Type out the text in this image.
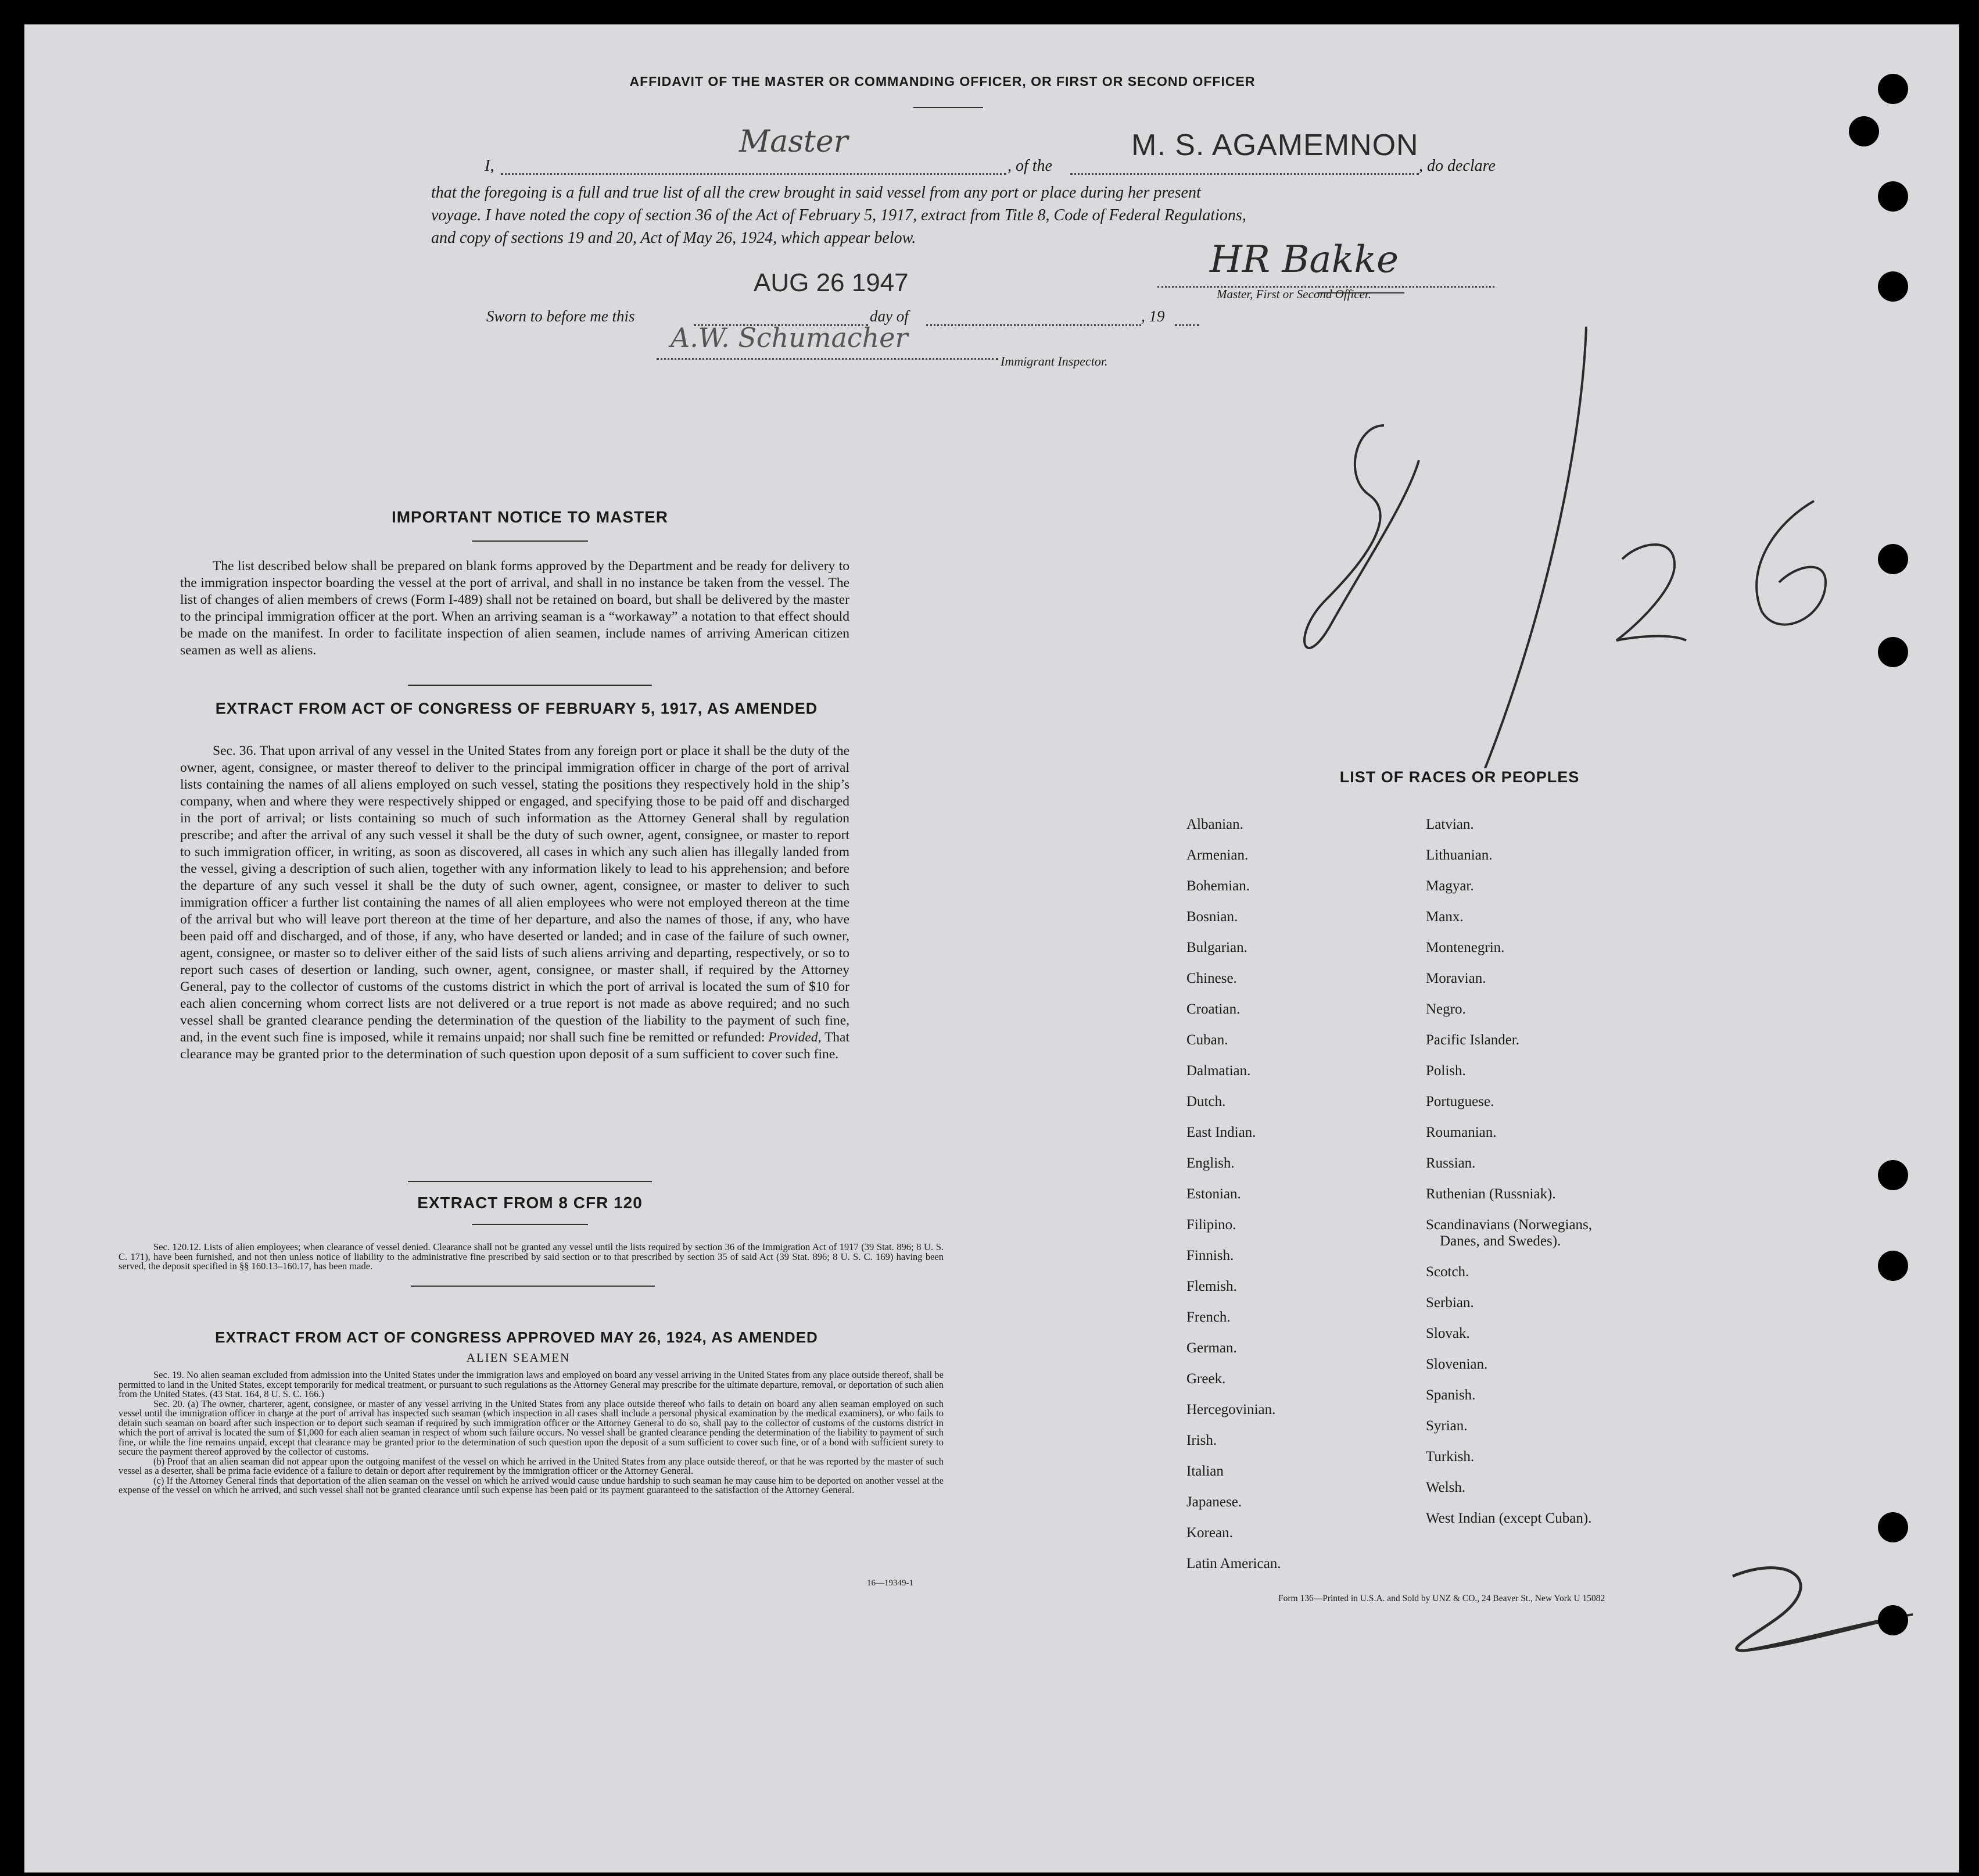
AFFIDAVIT OF THE MASTER OR COMMANDING OFFICER, OR FIRST OR SECOND OFFICER
I,
Master
, of the
M. S. AGAMEMNON
, do declare
that the foregoing is a full and true list of all the crew brought in said vessel from any port or place during her present
voyage. I have noted the copy of section 36 of the Act of February 5, 1917, extract from Title 8, Code of Federal Regulations,
and copy of sections 19 and 20, Act of May 26, 1924, which appear below.
AUG 26 1947
HR Bakke
Master, First or Second Officer.
Sworn to before me this	day of	, 19
A.W. Schumacher
Immigrant Inspector.
IMPORTANT NOTICE TO MASTER
The list described below shall be prepared on blank forms approved by the Department and be ready for delivery to the immigration inspector boarding the vessel at the port of arrival, and shall in no instance be taken from the vessel. The list of changes of alien members of crews (Form I-489) shall not be retained on board, but shall be delivered by the master to the principal immigration officer at the port. When an arriving seaman is a “workaway” a notation to that effect should be made on the manifest. In order to facilitate inspection of alien seamen, include names of arriving American citizen seamen as well as aliens.
EXTRACT FROM ACT OF CONGRESS OF FEBRUARY 5, 1917, AS AMENDED
Sec. 36. That upon arrival of any vessel in the United States from any foreign port or place it shall be the duty of the owner, agent, consignee, or master thereof to deliver to the principal immigration officer in charge of the port of arrival lists containing the names of all aliens employed on such vessel, stating the positions they respectively hold in the ship’s company, when and where they were respectively shipped or engaged, and specifying those to be paid off and discharged in the port of arrival; or lists containing so much of such information as the Attorney General shall by regulation prescribe; and after the arrival of any such vessel it shall be the duty of such owner, agent, consignee, or master to report to such immigration officer, in writing, as soon as discovered, all cases in which any such alien has illegally landed from the vessel, giving a description of such alien, together with any information likely to lead to his apprehension; and before the departure of any such vessel it shall be the duty of such owner, agent, consignee, or master to deliver to such immigration officer a further list containing the names of all alien employees who were not employed thereon at the time of the arrival but who will leave port thereon at the time of her departure, and also the names of those, if any, who have been paid off and discharged, and of those, if any, who have deserted or landed; and in case of the failure of such owner, agent, consignee, or master so to deliver either of the said lists of such aliens arriving and departing, respectively, or so to report such cases of desertion or landing, such owner, agent, consignee, or master shall, if required by the Attorney General, pay to the collector of customs of the customs district in which the port of arrival is located the sum of $10 for each alien concerning whom correct lists are not delivered or a true report is not made as above required; and no such vessel shall be granted clearance pending the determination of the question of the liability to the payment of such fine, and, in the event such fine is imposed, while it remains unpaid; nor shall such fine be remitted or refunded: Provided, That clearance may be granted prior to the determination of such question upon deposit of a sum sufficient to cover such fine.
EXTRACT FROM 8 CFR 120
Sec. 120.12. Lists of alien employees; when clearance of vessel denied. Clearance shall not be granted any vessel until the lists required by section 36 of the Immigration Act of 1917 (39 Stat. 896; 8 U. S. C. 171), have been furnished, and not then unless notice of liability to the administrative fine prescribed by said section or to that prescribed by section 35 of said Act (39 Stat. 896; 8 U. S. C. 169) having been served, the deposit specified in §§ 160.13–160.17, has been made.
EXTRACT FROM ACT OF CONGRESS APPROVED MAY 26, 1924, AS AMENDED
ALIEN SEAMEN
Sec. 19. No alien seaman excluded from admission into the United States under the immigration laws and employed on board any vessel arriving in the United States from any place outside thereof, shall be permitted to land in the United States, except temporarily for medical treatment, or pursuant to such regulations as the Attorney General may prescribe for the ultimate departure, removal, or deportation of such alien from the United States. (43 Stat. 164, 8 U. S. C. 166.)
Sec. 20. (a) The owner, charterer, agent, consignee, or master of any vessel arriving in the United States from any place outside thereof who fails to detain on board any alien seaman employed on such vessel until the immigration officer in charge at the port of arrival has inspected such seaman (which inspection in all cases shall include a personal physical examination by the medical examiners), or who fails to detain such seaman on board after such inspection or to deport such seaman if required by such immigration officer or the Attorney General to do so, shall pay to the collector of customs of the customs district in which the port of arrival is located the sum of $1,000 for each alien seaman in respect of whom such failure occurs. No vessel shall be granted clearance pending the determination of the liability to payment of such fine, or while the fine remains unpaid, except that clearance may be granted prior to the determination of such question upon the deposit of a sum sufficient to cover such fine, or of a bond with sufficient surety to secure the payment thereof approved by the collector of customs.
(b) Proof that an alien seaman did not appear upon the outgoing manifest of the vessel on which he arrived in the United States from any place outside thereof, or that he was reported by the master of such vessel as a deserter, shall be prima facie evidence of a failure to detain or deport after requirement by the immigration officer or the Attorney General.
(c) If the Attorney General finds that deportation of the alien seaman on the vessel on which he arrived would cause undue hardship to such seaman he may cause him to be deported on another vessel at the expense of the vessel on which he arrived, and such vessel shall not be granted clearance until such expense has been paid or its payment guaranteed to the satisfaction of the Attorney General.
16—19349-1
LIST OF RACES OR PEOPLES
Albanian.
Armenian.
Bohemian.
Bosnian.
Bulgarian.
Chinese.
Croatian.
Cuban.
Dalmatian.
Dutch.
East Indian.
English.
Estonian.
Filipino.
Finnish.
Flemish.
French.
German.
Greek.
Hercegovinian.
Irish.
Italian
Japanese.
Korean.
Latin American.
Latvian.
Lithuanian.
Magyar.
Manx.
Montenegrin.
Moravian.
Negro.
Pacific Islander.
Polish.
Portuguese.
Roumanian.
Russian.
Ruthenian (Russniak).
Scandinavians (Norwegians,
Danes, and Swedes).
Scotch.
Serbian.
Slovak.
Slovenian.
Spanish.
Syrian.
Turkish.
Welsh.
West Indian (except Cuban).
Form 136—Printed in U.S.A. and Sold by UNZ & CO., 24 Beaver St., New York U 15082
